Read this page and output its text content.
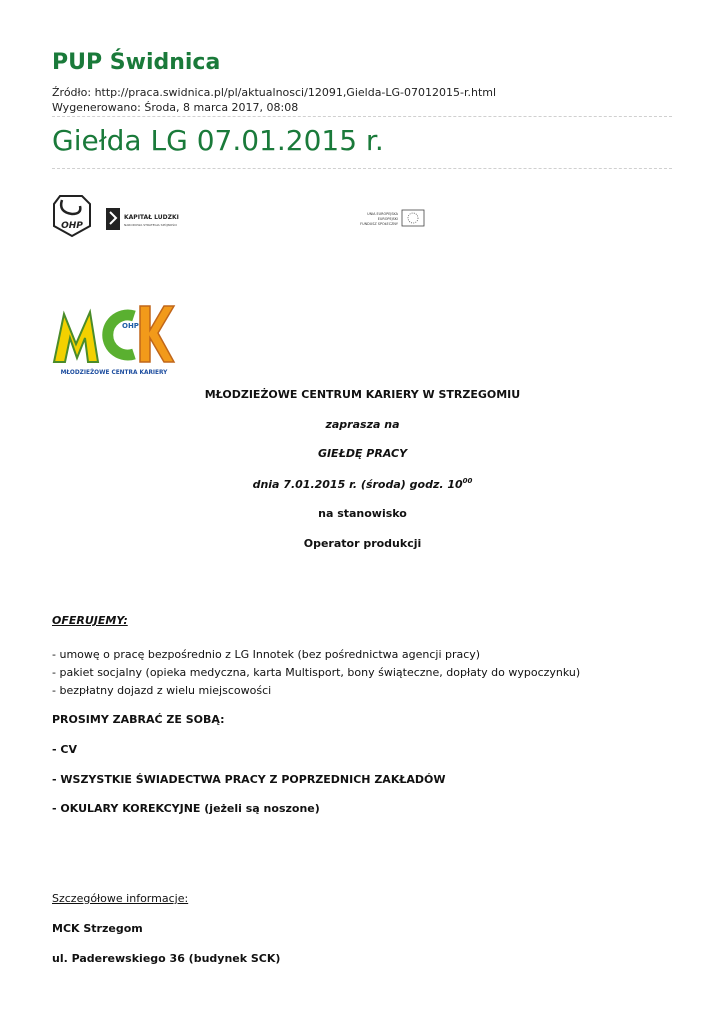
PUP Świdnica
Źródło: http://praca.swidnica.pl/pl/aktualnosci/12091,Gielda-LG-07012015-r.html
Wygenerowano: Środa, 8 marca 2017, 08:08
Giełda LG 07.01.2015 r.
OHP
KAPITAŁ LUDZKI
NARODOWA STRATEGIA SPÓJNOŚCI
UNIA EUROPEJSKA
EUROPEJSKI
FUNDUSZ SPOŁECZNY
OHP
MŁODZIEŻOWE CENTRA KARIERY
MŁODZIEŻOWE CENTRUM KARIERY W STRZEGOMIU
zaprasza na
GIEŁDĘ PRACY
dnia 7.01.2015 r. (środa) godz. $10^{00}$
na stanowisko
Operator produkcji
OFERUJEMY:
- umowę o pracę bezpośrednio z LG Innotek (bez pośrednictwa agencji pracy)
- pakiet socjalny (opieka medyczna, karta Multisport, bony świąteczne, dopłaty do wypoczynku)
- bezpłatny dojazd z wielu miejscowości
PROSIMY ZABRAĆ ZE SOBĄ:
- CV
- WSZYSTKIE ŚWIADECTWA PRACY Z POPRZEDNICH ZAKŁADÓW
- OKULARY KOREKCYJNE (jeżeli są noszone)
Szczegółowe informacje:
MCK Strzegom
ul. Paderewskiego 36 (budynek SCK)
